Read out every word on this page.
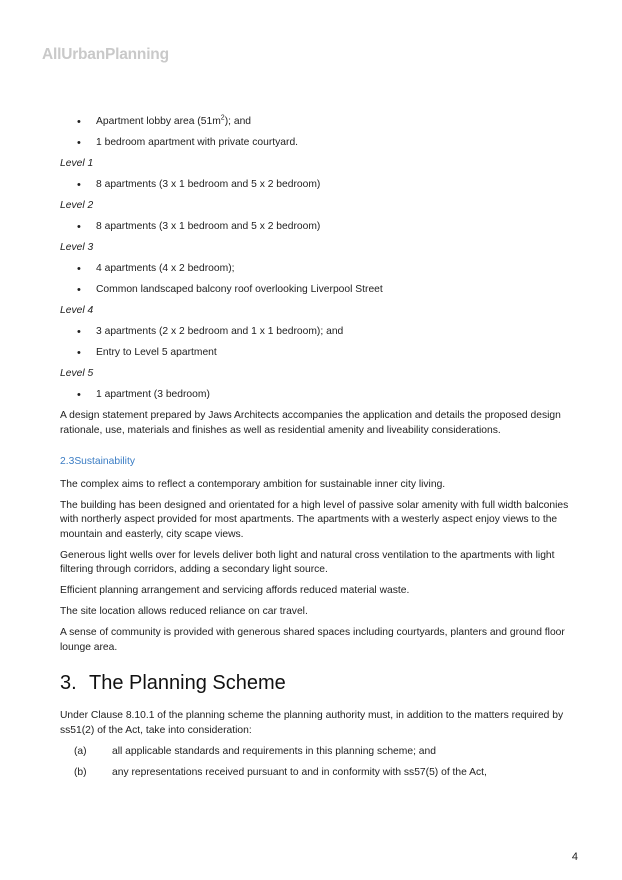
AllUrbanPlanning
• Apartment lobby area $(51m^2)$; and
• 1 bedroom apartment with private courtyard.
Level 1
• 8 apartments (3 x 1 bedroom and 5 x 2 bedroom)
Level 2
• 8 apartments (3 x 1 bedroom and 5 x 2 bedroom)
Level 3
• 4 apartments (4 x 2 bedroom);
• Common landscaped balcony roof overlooking Liverpool Street
Level 4
• 3 apartments (2 x 2 bedroom and 1 x 1 bedroom); and
• Entry to Level 5 apartment
Level 5
• 1 apartment (3 bedroom)

A design statement prepared by Jaws Architects accompanies the application and details the proposed design rationale, use, materials and finishes as well as residential amenity and liveability considerations.

2.3Sustainability

The complex aims to reflect a contemporary ambition for sustainable inner city living.

The building has been designed and orientated for a high level of passive solar amenity with full width balconies with northerly aspect provided for most apartments. The apartments with a westerly aspect enjoy views to the mountain and easterly, city scape views.

Generous light wells over for levels deliver both light and natural cross ventilation to the apartments with light filtering through corridors, adding a secondary light source.

Efficient planning arrangement and servicing affords reduced material waste.

The site location allows reduced reliance on car travel.

A sense of community is provided with generous shared spaces including courtyards, planters and ground floor lounge area.

3. The Planning Scheme

Under Clause 8.10.1 of the planning scheme the planning authority must, in addition to the matters required by ss51(2) of the Act, take into consideration:

(a) all applicable standards and requirements in this planning scheme; and
(b) any representations received pursuant to and in conformity with ss57(5) of the Act,
4
